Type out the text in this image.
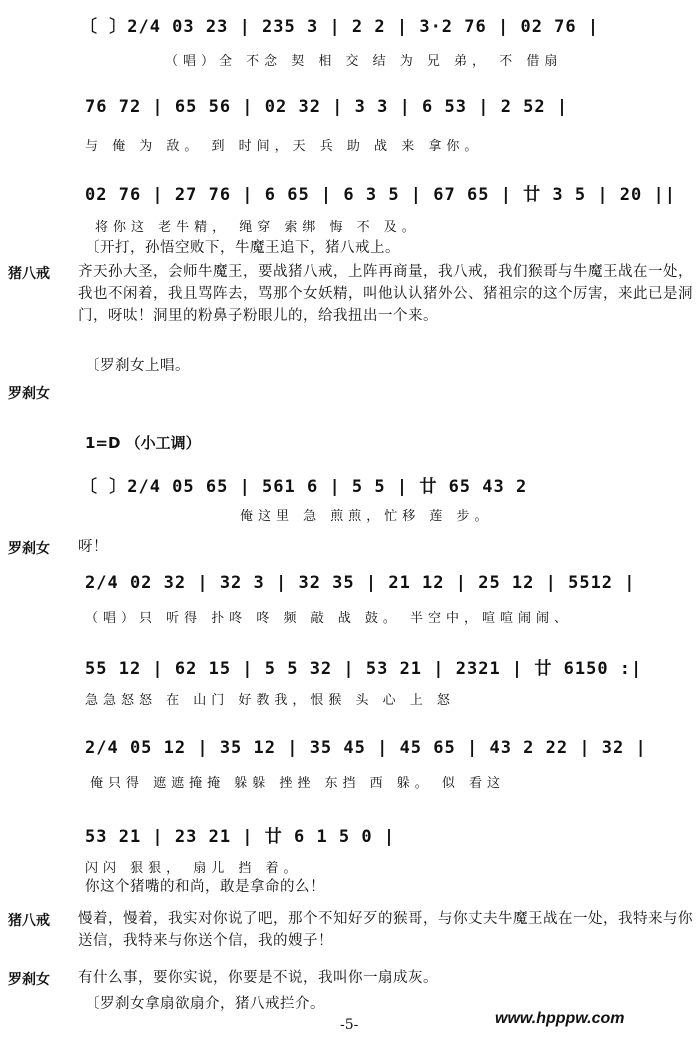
〔 〕2/4 03 23 | 235 3 | 2 2 | 3·2 76 | 02 76 |
（唱）全 不念 契 相 交 结 为 兄 弟， 不 借扇
76 72 | 65 56 | 02 32 | 3 3 | 6 53 | 2 52 |
与 俺 为 敌。 到 时间，天 兵 助 战 来 拿你。
02 76 | 27 76 | 6 65 | 6 3 5 | 67 65 | 廿 3 5 | 20 ||
将你这 老牛精， 绳穿 索绑 悔 不 及。
〔开打，孙悟空败下，牛魔王追下，猪八戒上。
猪八戒 齐天孙大圣，会师牛魔王，要战猪八戒，上阵再商量，我八戒，我们猴哥与牛魔王战在一处，我也不闲着，我且骂阵去，骂那个女妖精，叫他认认猪外公、猪祖宗的这个厉害，来此已是洞门，呀呔！洞里的粉鼻子粉眼儿的，给我扭出一个来。
〔罗刹女上唱。
罗刹女
1=D （小工调）
〔 〕2/4 05 65 | 561 6 | 5 5 | 廿 65 43 2
俺这里 急 煎煎，忙移 莲 步。
罗刹女 呀！
2/4 02 32 | 32 3 | 32 35 | 21 12 | 25 12 | 5512 |
（唱）只 听得 扑咚 咚 频 敲 战 鼓。 半空中，喧喧闹闹、
55 12 | 62 15 | 5 5 32 | 53 21 | 2321 | 廿 6150 :|
急急怒怒 在 山门 好教我，恨猴 头 心 上 怒
2/4 05 12 | 35 12 | 35 45 | 45 65 | 43 2 22 | 32 |
俺只得 遮遮掩掩 躲躲 挫挫 东挡 西 躲。 似 看这
53 21 | 23 21 | 廿 6 1 5 0 |
闪闪 狠狠， 扇儿 挡 着。
你这个猪嘴的和尚，敢是拿命的么！
猪八戒 慢着，慢着，我实对你说了吧，那个不知好歹的猴哥，与你丈夫牛魔王战在一处，我特来与你送信，我特来与你送个信，我的嫂子！
罗刹女 有什么事，要你实说，你要是不说，我叫你一扇成灰。
〔罗刹女拿扇欲扇介，猪八戒拦介。
-5-	www.hpppw.com
